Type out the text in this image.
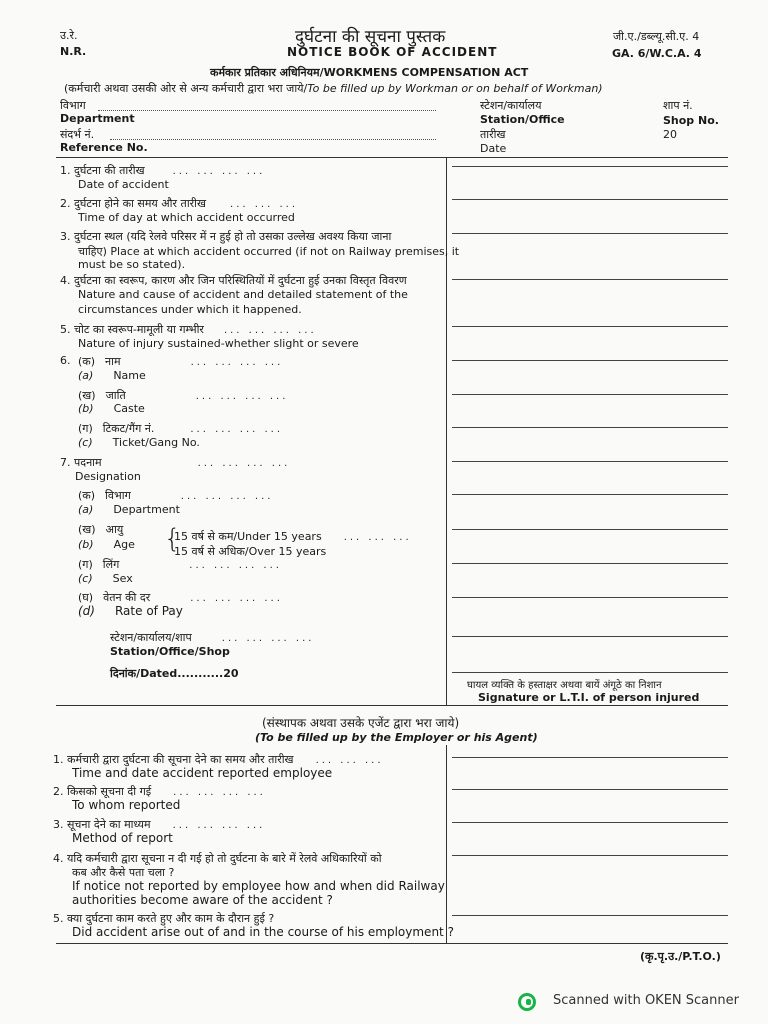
उ.रे.
N.R.
दुर्घटना की सूचना पुस्तक
NOTICE BOOK OF ACCIDENT
जी.ए./डब्ल्यू.सी.ए. 4
GA. 6/W.C.A. 4
कर्मकार प्रतिकार अधिनियम/WORKMENS COMPENSATION ACT
(कर्मचारी अथवा उसकी ओर से अन्य कर्मचारी द्वारा भरा जाये/To be filled up by Workman or on behalf of Workman)
विभाग
Department
संदर्भ नं.
Reference No.
स्टेशन/कार्यालय
Station/Office
तारीख
Date
शाप नं.
Shop No.
20
1. दुर्घटना की तारीख	... ... ... ...
Date of accident
2. दुर्घटना होने का समय और तारीख ... ... ...
Time of day at which accident occurred
3. दुर्घटना स्थल (यदि रेलवे परिसर में न हुई हो तो उसका उल्लेख अवश्य किया जाना
चाहिए) Place at which accident occurred (if not on Railway premises, it
must be so stated).
4. दुर्घटना का स्वरूप, कारण और जिन परिस्थितियों में दुर्घटना हुई उनका विस्तृत विवरण
Nature and cause of accident and detailed statement of the
circumstances under which it happened.
5. चोट का स्वरूप-मामूली या गम्भीर ... ... ... ...
Nature of injury sustained-whether slight or severe
6. (क) नाम	... ... ... ...
(a) Name
(ख) जाति	... ... ... ...
(b) Caste
(ग) टिकट/गैंग नं.	... ... ... ...
(c) Ticket/Gang No.
7. पदनाम	... ... ... ...
Designation
(क) विभाग	... ... ... ...
(a) Department
(ख) आयु
(b) Age {
15 वर्ष से कम/Under 15 years ... ... ...
15 वर्ष से अधिक/Over 15 years
(ग) लिंग	... ... ... ...
(c) Sex
(घ) वेतन की दर	... ... ... ...
(d) Rate of Pay
स्टेशन/कार्यालय/शाप	... ... ... ...
Station/Office/Shop
दिनांक/Dated...........20
घायल व्यक्ति के हस्ताक्षर अथवा बायें अंगूठे का निशान
Signature or L.T.I. of person injured
(संस्थापक अथवा उसके एजेंट द्वारा भरा जाये)
(To be filled up by the Employer or his Agent)
1. कर्मचारी द्वारा दुर्घटना की सूचना देने का समय और तारीख ... ... ...
Time and date accident reported employee
2. किसको सूचना दी गई ... ... ... ...
To whom reported
3. सूचना देने का माध्यम ... ... ... ...
Method of report
4. यदि कर्मचारी द्वारा सूचना न दी गई हो तो दुर्घटना के बारे में रेलवे अधिकारियों को
कब और कैसे पता चला ?
If notice not reported by employee how and when did Railway
authorities become aware of the accident ?
5. क्या दुर्घटना काम करते हुए और काम के दौरान हुई ?
Did accident arise out of and in the course of his employment ?
(कृ.पृ.उ./P.T.O.)
Scanned with OKEN Scanner
